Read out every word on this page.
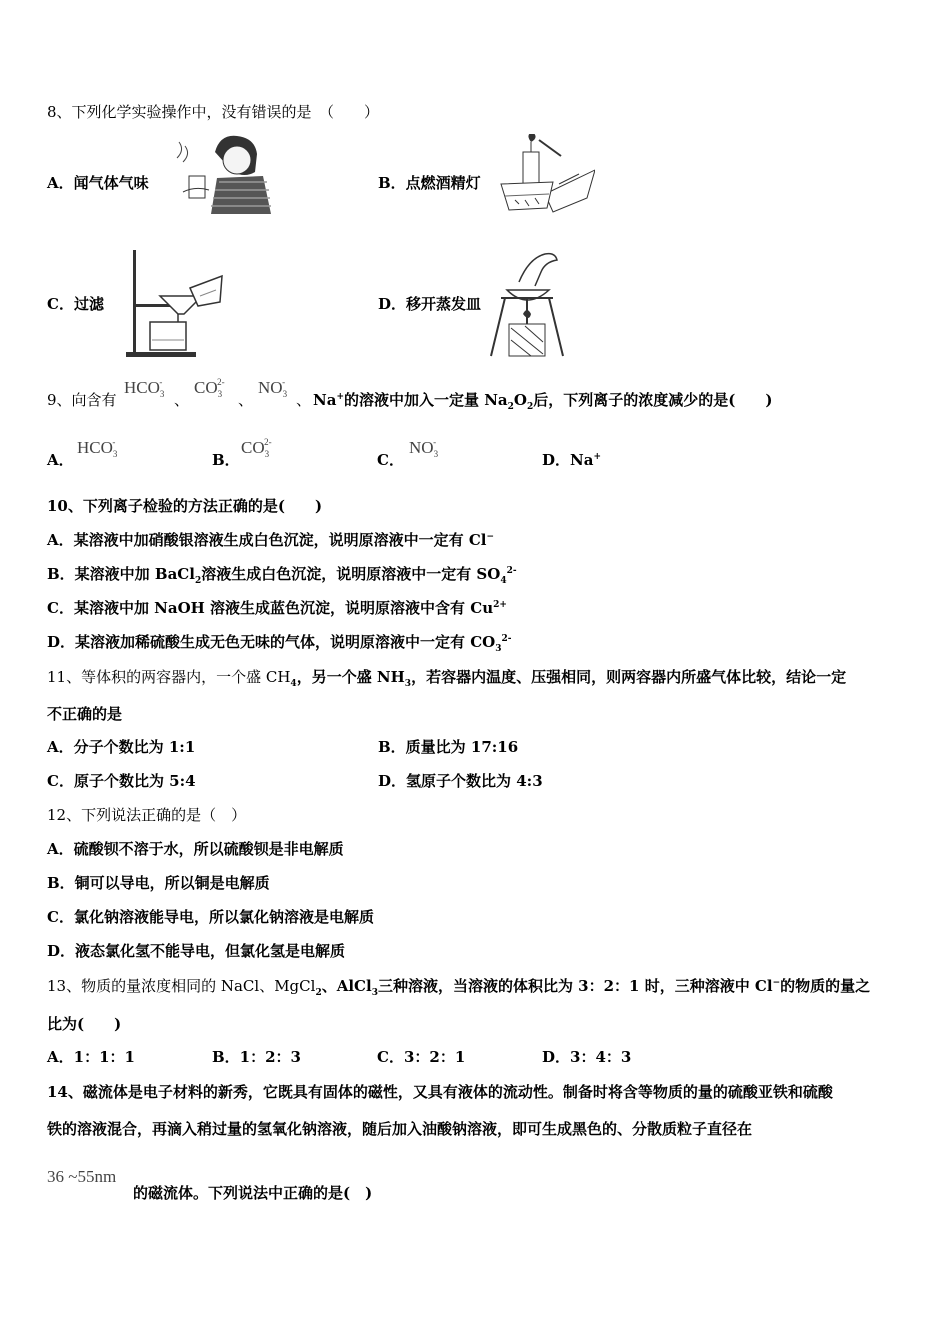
8、下列化学实验操作中，没有错误的是　（　　）
A．闻气体气味	B．点燃酒精灯
C．过滤	D．移开蒸发皿
9、向含有
$HCO_3^-$
、
$CO_3^{2-}$
、
$NO_3^-$
、 Na+的溶液中加入一定量 $Na_2O_2$后，下列离子的浓度减少的是(　　)
A．
$HCO_3^-$
B．
$CO_3^{2-}$
C．
$NO_3^-$
D．Na+
10、下列离子检验的方法正确的是(　　)
A．某溶液中加硝酸银溶液生成白色沉淀，说明原溶液中一定有 Cl−
B．某溶液中加 BaCl$_2$溶液生成白色沉淀，说明原溶液中一定有 $SO_4^{2-}$
C．某溶液中加 NaOH 溶液生成蓝色沉淀，说明原溶液中含有 $Cu^{2+}$
D．某溶液加稀硫酸生成无色无味的气体，说明原溶液中一定有 $CO_3^{2-}$
11、等体积的两容器内，一个盛 $CH_4$，另一个盛 $NH_3$，若容器内温度、压强相同，则两容器内所盛气体比较，结论一定
不正确的是
A．分子个数比为 1:1	B．质量比为 17:16
C．原子个数比为 5:4	D．氢原子个数比为 4:3
12、下列说法正确的是（　）
A．硫酸钡不溶于水，所以硫酸钡是非电解质
B．铜可以导电，所以铜是电解质
C．氯化钠溶液能导电，所以氯化钠溶液是电解质
D．液态氯化氢不能导电，但氯化氢是电解质
13、物质的量浓度相同的 NaCl、MgCl$_2$、AlCl$_3$三种溶液，当溶液的体积比为 3：2：1 时，三种溶液中 Cl−的物质的量之
比为(　　)
A．1：1：1	B．1：2：3	C．3：2：1	D．3：4：3
14、磁流体是电子材料的新秀，它既具有固体的磁性，又具有液体的流动性。制备时将含等物质的量的硫酸亚铁和硫酸
铁的溶液混合，再滴入稍过量的氢氧化钠溶液，随后加入油酸钠溶液，即可生成黑色的、分散质粒子直径在
36 ~55nm
的磁流体。下列说法中正确的是(　)
